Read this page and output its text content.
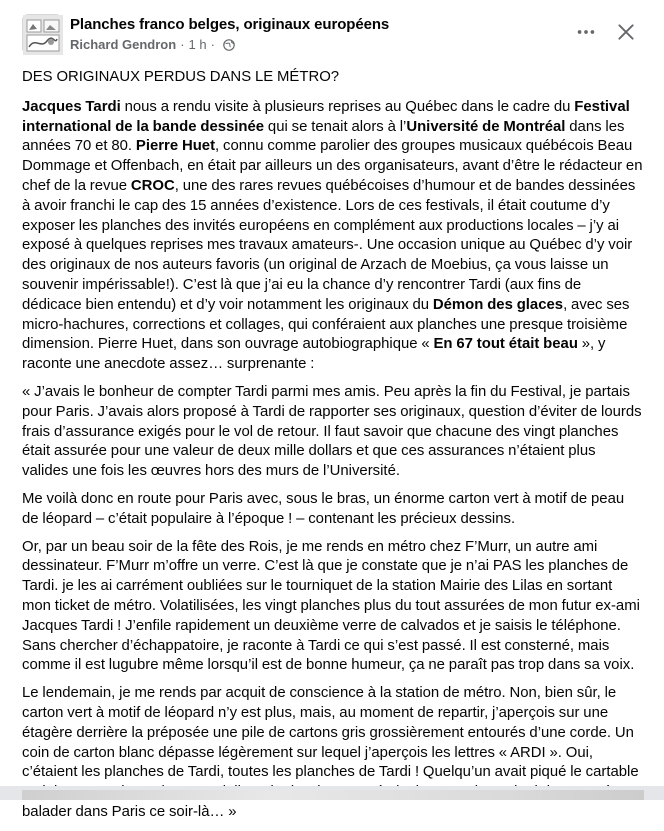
Planches franco belges, originaux européens
Richard Gendron · 1 h ·

DES ORIGINAUX PERDUS DANS LE MÉTRO?

Jacques Tardi nous a rendu visite à plusieurs reprises au Québec dans le cadre du Festival international de la bande dessinée qui se tenait alors à l’Université de Montréal dans les années 70 et 80. Pierre Huet, connu comme parolier des groupes musicaux québécois Beau Dommage et Offenbach, en était par ailleurs un des organisateurs, avant d’être le rédacteur en chef de la revue CROC, une des rares revues québécoises d’humour et de bandes dessinées à avoir franchi le cap des 15 années d’existence. Lors de ces festivals, il était coutume d’y exposer les planches des invités européens en complément aux productions locales – j’y ai exposé à quelques reprises mes travaux amateurs-. Une occasion unique au Québec d’y voir des originaux de nos auteurs favoris (un original de Arzach de Moebius, ça vous laisse un souvenir impérissable!). C’est là que j’ai eu la chance d’y rencontrer Tardi (aux fins de dédicace bien entendu) et d’y voir notamment les originaux du Démon des glaces, avec ses micro-hachures, corrections et collages, qui conféraient aux planches une presque troisième dimension. Pierre Huet, dans son ouvrage autobiographique « En 67 tout était beau », y raconte une anecdote assez… surprenante :

« J’avais le bonheur de compter Tardi parmi mes amis. Peu après la fin du Festival, je partais pour Paris. J’avais alors proposé à Tardi de rapporter ses originaux, question d’éviter de lourds frais d’assurance exigés pour le vol de retour. Il faut savoir que chacune des vingt planches était assurée pour une valeur de deux mille dollars et que ces assurances n’étaient plus valides une fois les œuvres hors des murs de l’Université.

Me voilà donc en route pour Paris avec, sous le bras, un énorme carton vert à motif de peau de léopard – c’était populaire à l’époque ! – contenant les précieux dessins.

Or, par un beau soir de la fête des Rois, je me rends en métro chez F’Murr, un autre ami dessinateur. F’Murr m’offre un verre. C’est là que je constate que je n’ai PAS les planches de Tardi. je les ai carrément oubliées sur le tourniquet de la station Mairie des Lilas en sortant mon ticket de métro. Volatilisées, les vingt planches plus du tout assurées de mon futur ex-ami Jacques Tardi ! J’enfile rapidement un deuxième verre de calvados et je saisis le téléphone. Sans chercher d’échappatoire, je raconte à Tardi ce qui s’est passé. Il est consterné, mais comme il est lugubre même lorsqu’il est de bonne humeur, ça ne paraît pas trop dans sa voix.

Le lendemain, je me rends par acquit de conscience à la station de métro. Non, bien sûr, le carton vert à motif de léopard n’y est plus, mais, au moment de repartir, j’aperçois sur une étagère derrière la préposée une pile de cartons gris grossièrement entourés d’une corde. Un coin de carton blanc dépasse légèrement sur lequel j’aperçois les lettres « ARDI ». Oui, c’étaient les planches de Tardi, toutes les planches de Tardi ! Quelqu’un avait piqué le cartable balader dans Paris ce soir-là… »
